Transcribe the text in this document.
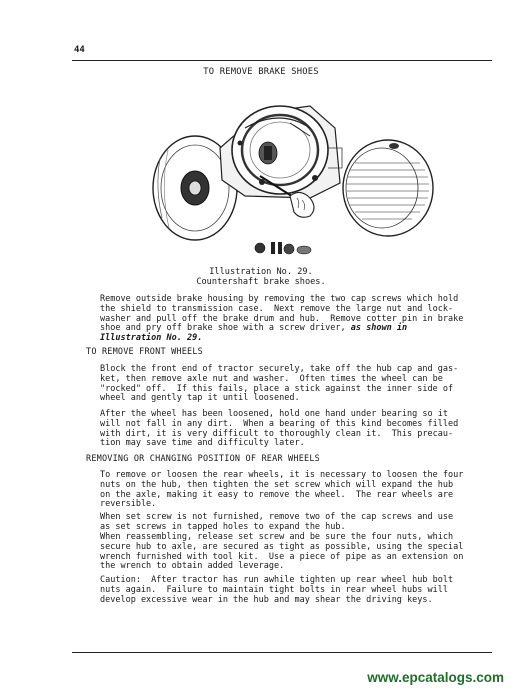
44
TO REMOVE BRAKE SHOES
Illustration No. 29.
Countershaft brake shoes.
Remove outside brake housing by removing the two cap screws which hold
the shield to transmission case.  Next remove the large nut and lock-
washer and pull off the brake drum and hub.  Remove cotter pin in brake
shoe and pry off brake shoe with a screw driver, as shown in
Illustration No. 29.
TO REMOVE FRONT WHEELS
Block the front end of tractor securely, take off the hub cap and gas-
ket, then remove axle nut and washer.  Often times the wheel can be
"rocked" off.  If this fails, place a stick against the inner side of
wheel and gently tap it until loosened.
After the wheel has been loosened, hold one hand under bearing so it
will not fall in any dirt.  When a bearing of this kind becomes filled
with dirt, it is very difficult to thoroughly clean it.  This precau-
tion may save time and difficulty later.
REMOVING OR CHANGING POSITION OF REAR WHEELS
To remove or loosen the rear wheels, it is necessary to loosen the four
nuts on the hub, then tighten the set screw which will expand the hub
on the axle, making it easy to remove the wheel.  The rear wheels are
reversible.
When set screw is not furnished, remove two of the cap screws and use
as set screws in tapped holes to expand the hub.
When reassembling, release set screw and be sure the four nuts, which
secure hub to axle, are secured as tight as possible, using the special
wrench furnished with tool kit.  Use a piece of pipe as an extension on
the wrench to obtain added leverage.
Caution:  After tractor has run awhile tighten up rear wheel hub bolt
nuts again.  Failure to maintain tight bolts in rear wheel hubs will
develop excessive wear in the hub and may shear the driving keys.
www.epcatalogs.com
